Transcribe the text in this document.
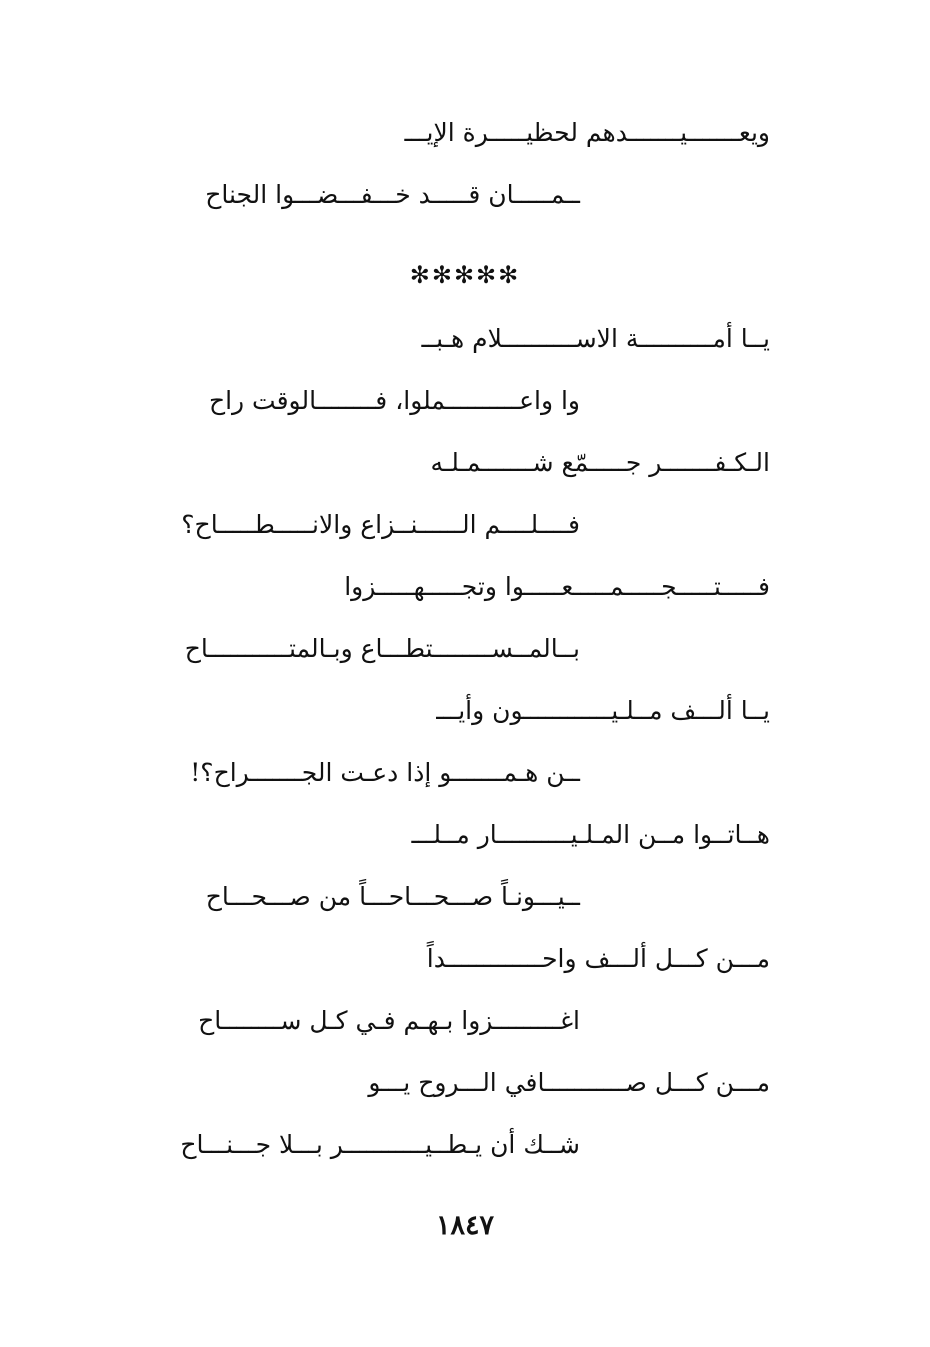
ويعـــــــيـــــــدهم لحظيـــــرة الإيـــ
ــمـــــان قـــــد خـــفـــضـــوا الجناح
✻✻✻✻✻
يــا أمــــــــــة الاســــــــــلام هـبــ
وا واعــــــــــملوا، فــــــــالوقت راح
الـكـفـــــــر جـــــمّع شـــــــمـلـه
فــــلــــم الــــــنــزاع والانـــــطـــــاح؟
فـــــتـــــجـــــمـــــعـــــوا وتجـــــهـــــزوا
بــالمــســــــــتطـــاع وبـالمتـــــــــــاح
يــا ألـــف مــلـيــــــــــــون وأيـــ
ــن هـمـــــــو إذا دعـت الجـــــــراح؟!
هــاتــوا مــن المـلـيــــــــــار مــلـــ
ــيـــونـاً صـــحـــاحـــاً من صـــحـــاح
مـــن كـــل ألـــف واحـــــــــــــداً
اغـــــــــزوا بـهـم فـي كـل ســــــــاح
مـــن كـــل صـــــــــــافي الـــروح يـــو
شــك أن يـطــيـــــــــــر بـــلا جـــنـــاح
١٨٤٧
